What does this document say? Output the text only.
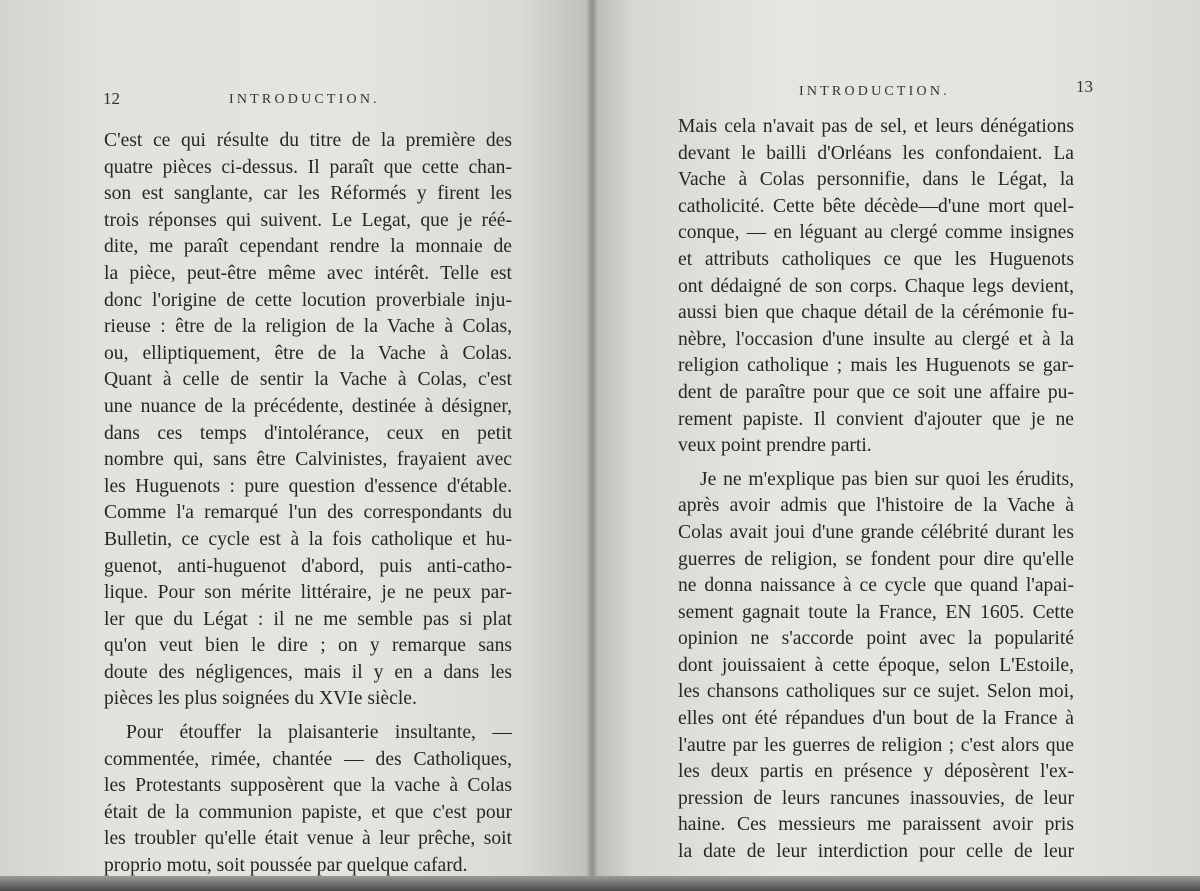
12	INTRODUCTION.
C'est ce qui résulte du titre de la première des
quatre pièces ci-dessus. Il paraît que cette chan-
son est sanglante, car les Réformés y firent les
trois réponses qui suivent. Le Legat, que je réé-
dite, me paraît cependant rendre la monnaie de
la pièce, peut-être même avec intérêt. Telle est
donc l'origine de cette locution proverbiale inju-
rieuse : être de la religion de la Vache à Colas,
ou, elliptiquement, être de la Vache à Colas.
Quant à celle de sentir la Vache à Colas, c'est
une nuance de la précédente, destinée à désigner,
dans ces temps d'intolérance, ceux en petit
nombre qui, sans être Calvinistes, frayaient avec
les Huguenots : pure question d'essence d'étable.
Comme l'a remarqué l'un des correspondants du
Bulletin, ce cycle est à la fois catholique et hu-
guenot, anti-huguenot d'abord, puis anti-catho-
lique. Pour son mérite littéraire, je ne peux par-
ler que du Légat : il ne me semble pas si plat
qu'on veut bien le dire ; on y remarque sans
doute des négligences, mais il y en a dans les
pièces les plus soignées du XVIe siècle.
Pour étouffer la plaisanterie insultante, —
commentée, rimée, chantée — des Catholiques,
les Protestants supposèrent que la vache à Colas
était de la communion papiste, et que c'est pour
les troubler qu'elle était venue à leur prêche, soit
proprio motu, soit poussée par quelque cafard.
INTRODUCTION.	13
Mais cela n'avait pas de sel, et leurs dénégations
devant le bailli d'Orléans les confondaient. La
Vache à Colas personnifie, dans le Légat, la
catholicité. Cette bête décède—d'une mort quel-
conque, — en léguant au clergé comme insignes
et attributs catholiques ce que les Huguenots
ont dédaigné de son corps. Chaque legs devient,
aussi bien que chaque détail de la cérémonie fu-
nèbre, l'occasion d'une insulte au clergé et à la
religion catholique ; mais les Huguenots se gar-
dent de paraître pour que ce soit une affaire pu-
rement papiste. Il convient d'ajouter que je ne
veux point prendre parti.
Je ne m'explique pas bien sur quoi les érudits,
après avoir admis que l'histoire de la Vache à
Colas avait joui d'une grande célébrité durant les
guerres de religion, se fondent pour dire qu'elle
ne donna naissance à ce cycle que quand l'apai-
sement gagnait toute la France, EN 1605. Cette
opinion ne s'accorde point avec la popularité
dont jouissaient à cette époque, selon L'Estoile,
les chansons catholiques sur ce sujet. Selon moi,
elles ont été répandues d'un bout de la France à
l'autre par les guerres de religion ; c'est alors que
les deux partis en présence y déposèrent l'ex-
pression de leurs rancunes inassouvies, de leur
haine. Ces messieurs me paraissent avoir pris
la date de leur interdiction pour celle de leur
